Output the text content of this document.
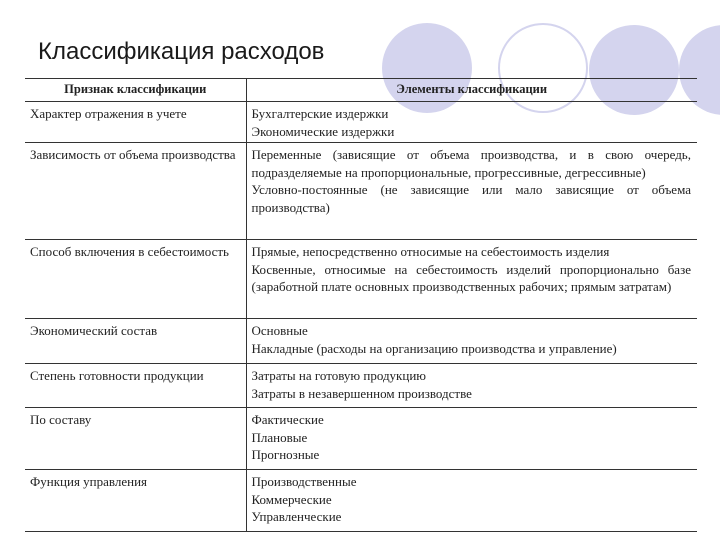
Классификация расходов
Признак классификации	Элементы классификации
Характер отражения в учете	Бухгалтерские издержки
Экономические издержки

Зависимость от объема производства	Переменные (зависящие от объема производства, и в свою очередь, подразделяемые на пропорциональные, прогрессивные, дегрессивные)
Условно-постоянные (не зависящие или мало зависящие от объема производства)

Способ включения в себестоимость	Прямые, непосредственно относимые на себестоимость изделия
Косвенные, относимые на себестоимость изделий пропорционально базе (заработной плате основных производственных рабочих; прямым затратам)

Экономический состав	Основные
Накладные (расходы на организацию производства и управление)

Степень готовности продукции	Затраты на готовую продукцию
Затраты в незавершенном производстве

По составу	Фактические
Плановые
Прогнозные

Функция управления	Производственные
Коммерческие
Управленческие
